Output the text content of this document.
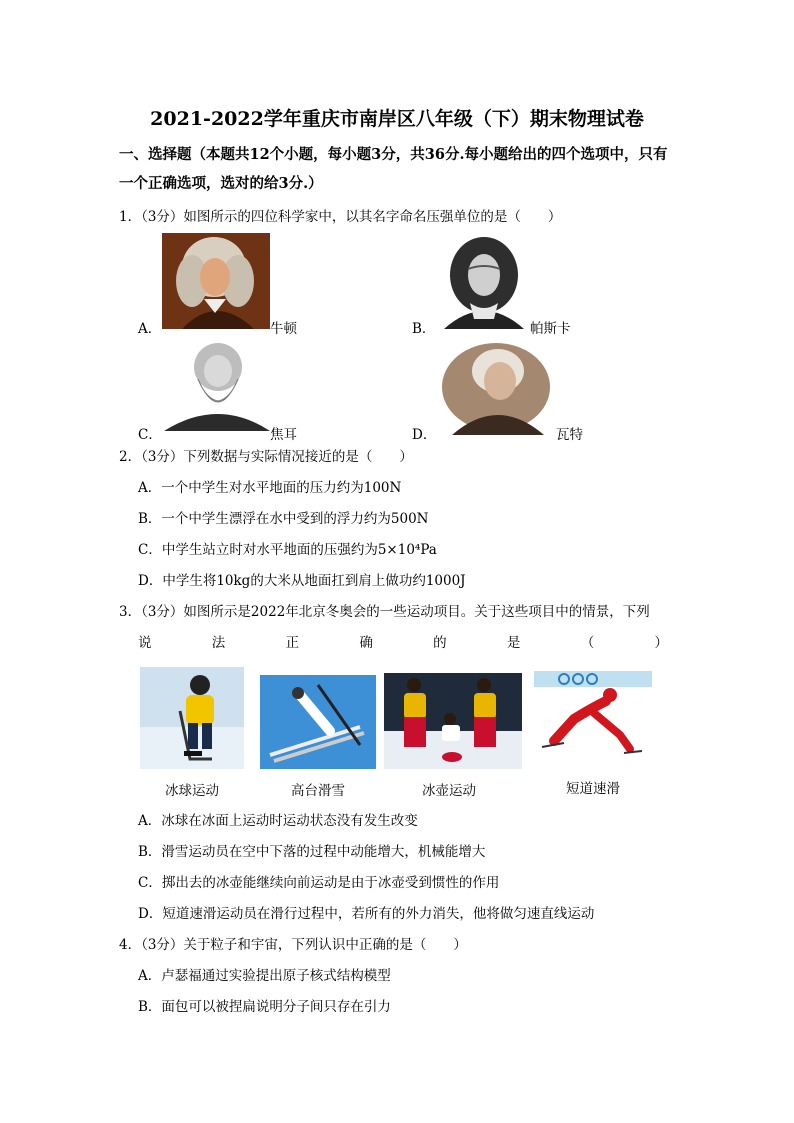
2021-2022学年重庆市南岸区八年级（下）期末物理试卷
一、选择题（本题共12个小题，每小题3分，共36分.每小题给出的四个选项中，只有一个正确选项，选对的给3分.）
1．（3分）如图所示的四位科学家中，以其名字命名压强单位的是（　　）
A．	牛顿	B．	帕斯卡
C．	焦耳	D．	瓦特
2．（3分）下列数据与实际情况接近的是（　　）
A．一个中学生对水平地面的压力约为100N
B．一个中学生漂浮在水中受到的浮力约为500N
C．中学生站立时对水平地面的压强约为5×10⁴Pa
D．中学生将10kg的大米从地面扛到肩上做功约1000J
3．（3分）如图所示是2022年北京冬奥会的一些运动项目。关于这些项目中的情景，下列
说	法	正	确	的	是	（	）
冰球运动	高台滑雪	冰壶运动	短道速滑
A．冰球在冰面上运动时运动状态没有发生改变
B．滑雪运动员在空中下落的过程中动能增大，机械能增大
C．掷出去的冰壶能继续向前运动是由于冰壶受到惯性的作用
D．短道速滑运动员在滑行过程中，若所有的外力消失，他将做匀速直线运动
4．（3分）关于粒子和宇宙，下列认识中正确的是（　　）
A．卢瑟福通过实验提出原子核式结构模型
B．面包可以被捏扁说明分子间只存在引力
